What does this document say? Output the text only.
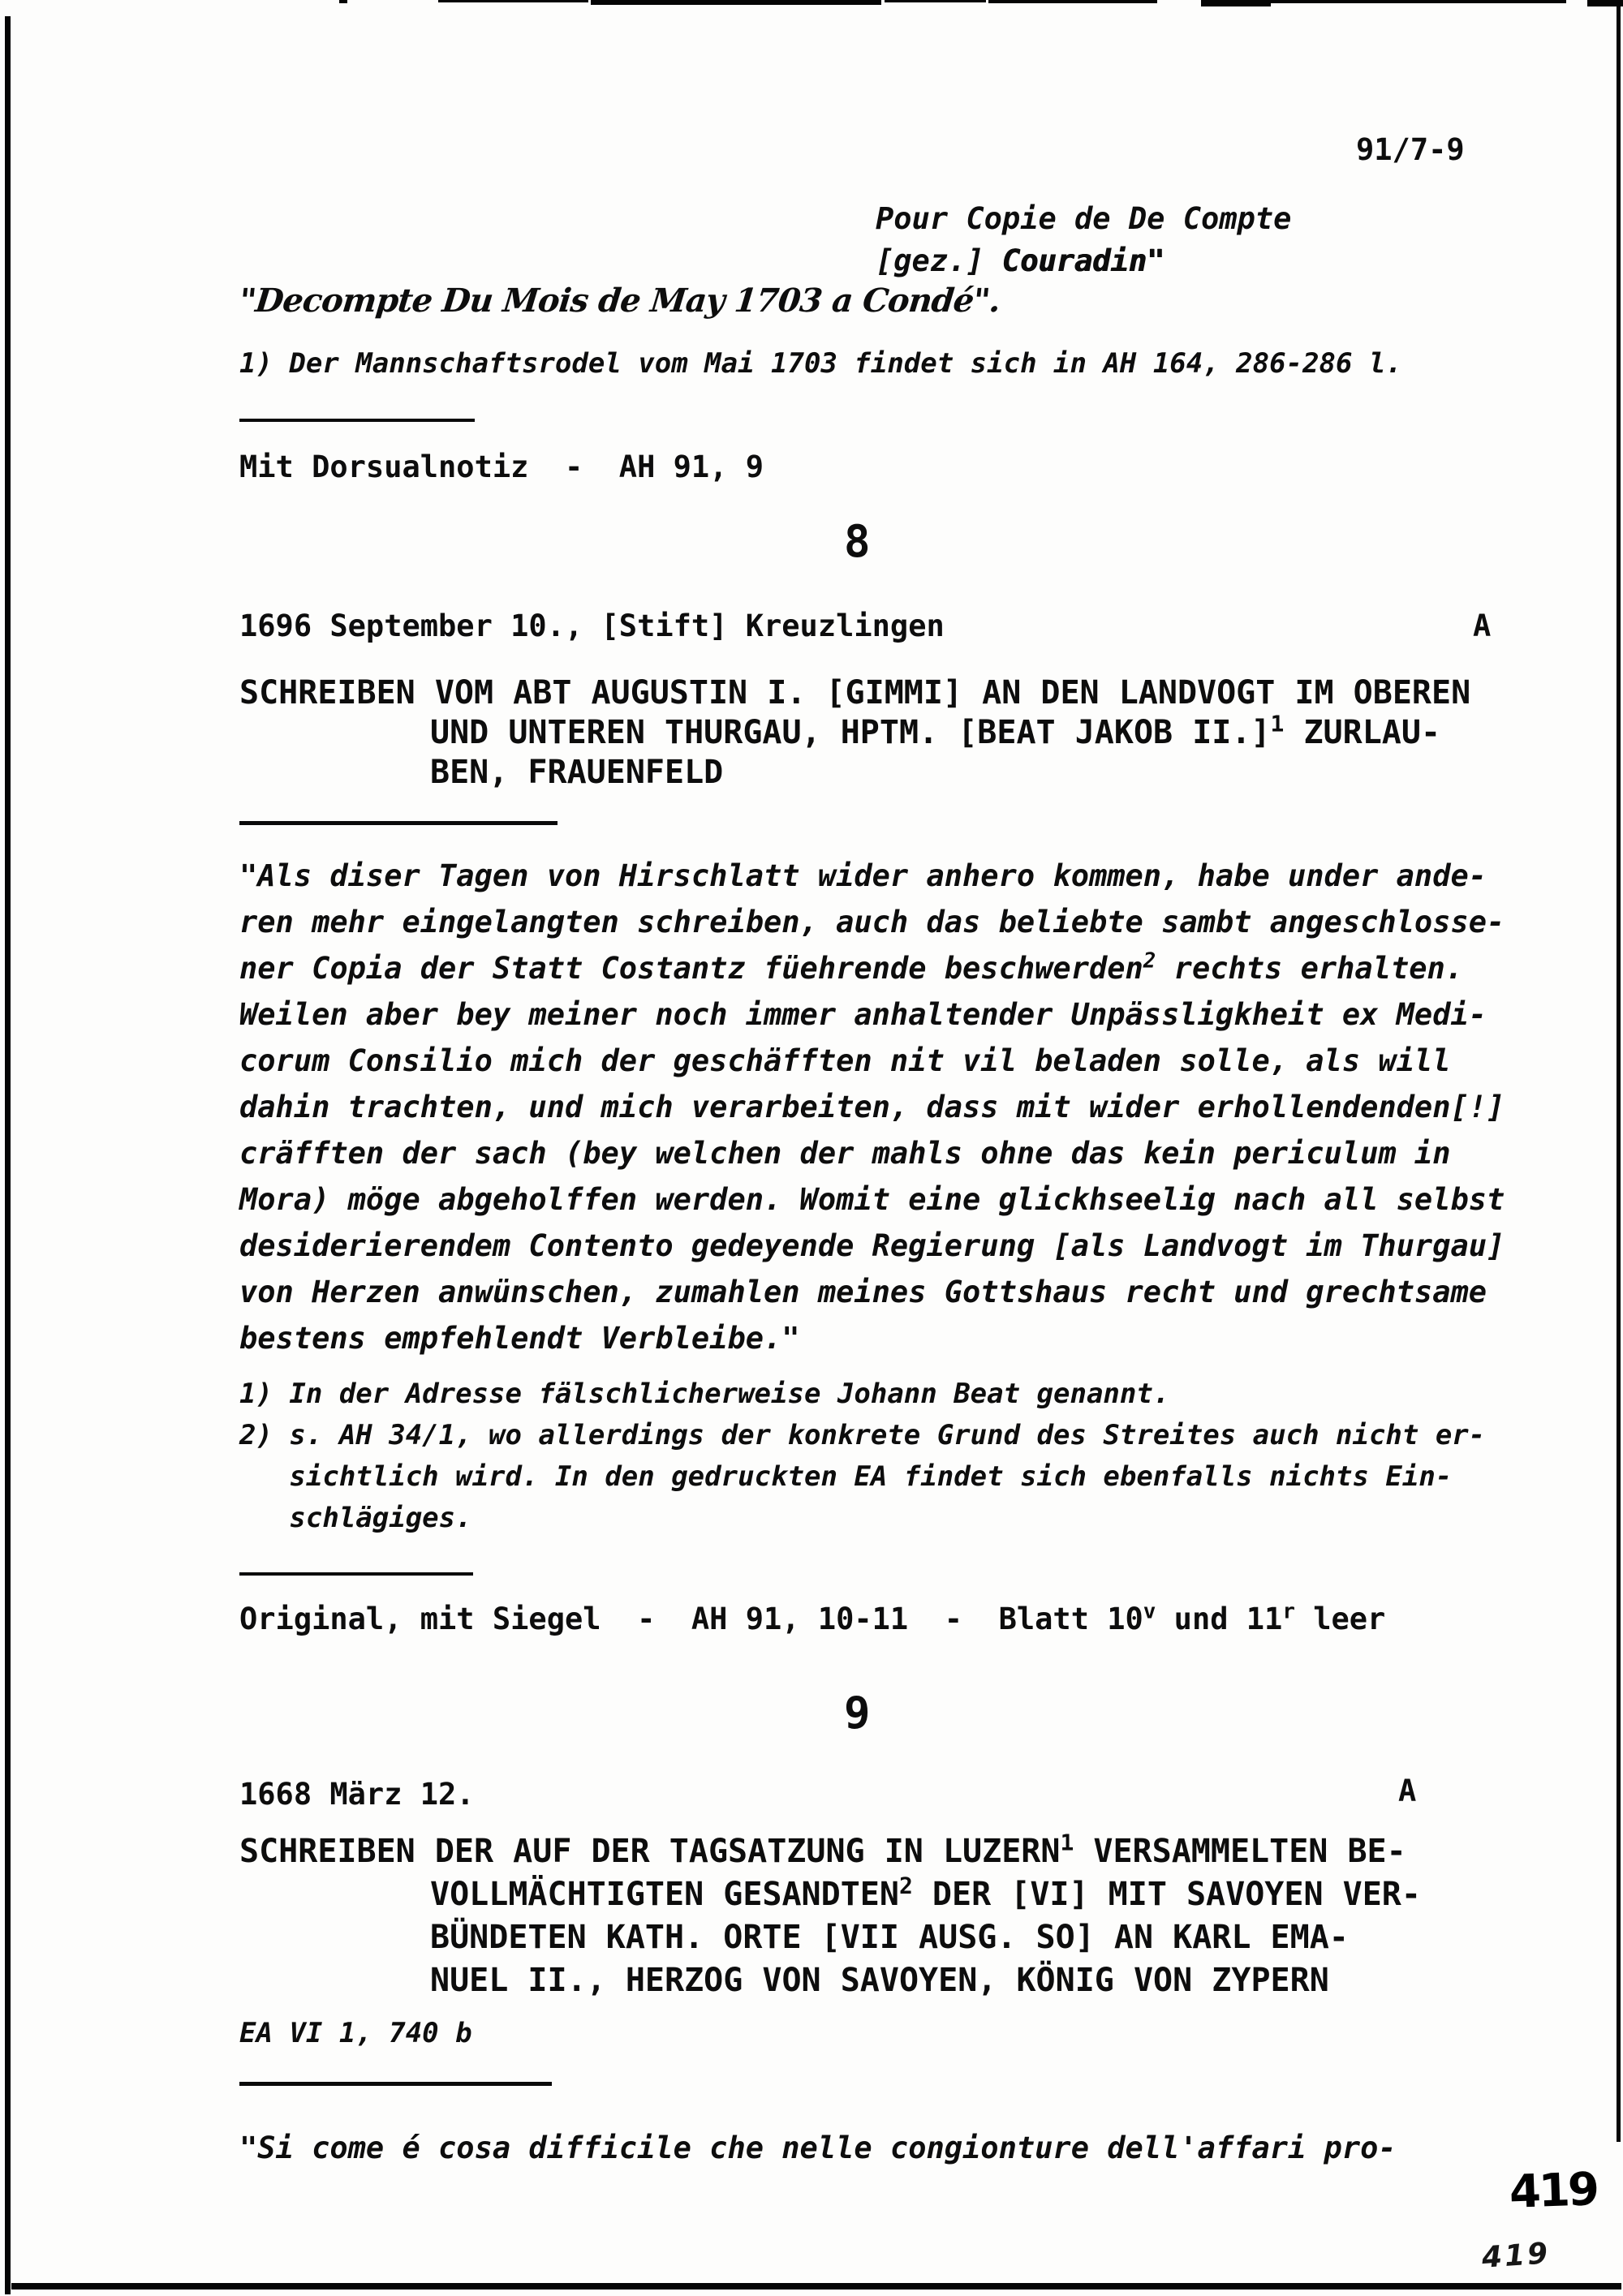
91/7-9
Pour Copie de De Compte
[gez.] Couradin"
"Decompte Du Mois de May 1703 a Condé".
1) Der Mannschaftsrodel vom Mai 1703 findet sich in AH 164, 286-286 l.
Mit Dorsualnotiz  -  AH 91, 9
8
1696 September 10., [Stift] Kreuzlingen	A
SCHREIBEN VOM ABT AUGUSTIN I. [GIMMI] AN DEN LANDVOGT IM OBEREN
UND UNTEREN THURGAU, HPTM. [BEAT JAKOB II.]$^1$ ZURLAU-
BEN, FRAUENFELD
"Als diser Tagen von Hirschlatt wider anhero kommen, habe under ande-
ren mehr eingelangten schreiben, auch das beliebte sambt angeschlosse-
ner Copia der Statt Costantz füehrende beschwerden$^2$ rechts erhalten.
Weilen aber bey meiner noch immer anhaltender Unpässligkheit ex Medi-
corum Consilio mich der geschäfften nit vil beladen solle, als will
dahin trachten, und mich verarbeiten, dass mit wider erhollendenden[!]
cräfften der sach (bey welchen der mahls ohne das kein periculum in
Mora) möge abgeholffen werden. Womit eine glickhseelig nach all selbst
desiderierendem Contento gedeyende Regierung [als Landvogt im Thurgau]
von Herzen anwünschen, zumahlen meines Gottshaus recht und grechtsame
bestens empfehlendt Verbleibe."
1) In der Adresse fälschlicherweise Johann Beat genannt.
2) s. AH 34/1, wo allerdings der konkrete Grund des Streites auch nicht er-
sichtlich wird. In den gedruckten EA findet sich ebenfalls nichts Ein-
schlägiges.
Original, mit Siegel  -  AH 91, 10-11  -  Blatt 10$^v$ und 11$^r$ leer
9
1668 März 12.	A
SCHREIBEN DER AUF DER TAGSATZUNG IN LUZERN$^1$ VERSAMMELTEN BE-
VOLLMÄCHTIGTEN GESANDTEN$^2$ DER [VI] MIT SAVOYEN VER-
BÜNDETEN KATH. ORTE [VII AUSG. SO] AN KARL EMA-
NUEL II., HERZOG VON SAVOYEN, KÖNIG VON ZYPERN
EA VI 1, 740 b
"Si come é cosa difficile che nelle congionture dell'affari pro-
419
419
